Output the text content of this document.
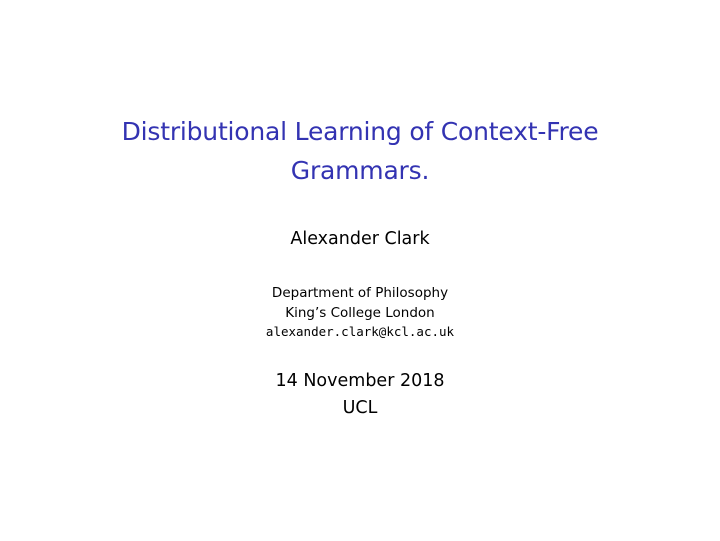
Distributional Learning of Context-Free
Grammars.
Alexander Clark
Department of Philosophy
King’s College London
alexander.clark@kcl.ac.uk
14 November 2018
UCL
